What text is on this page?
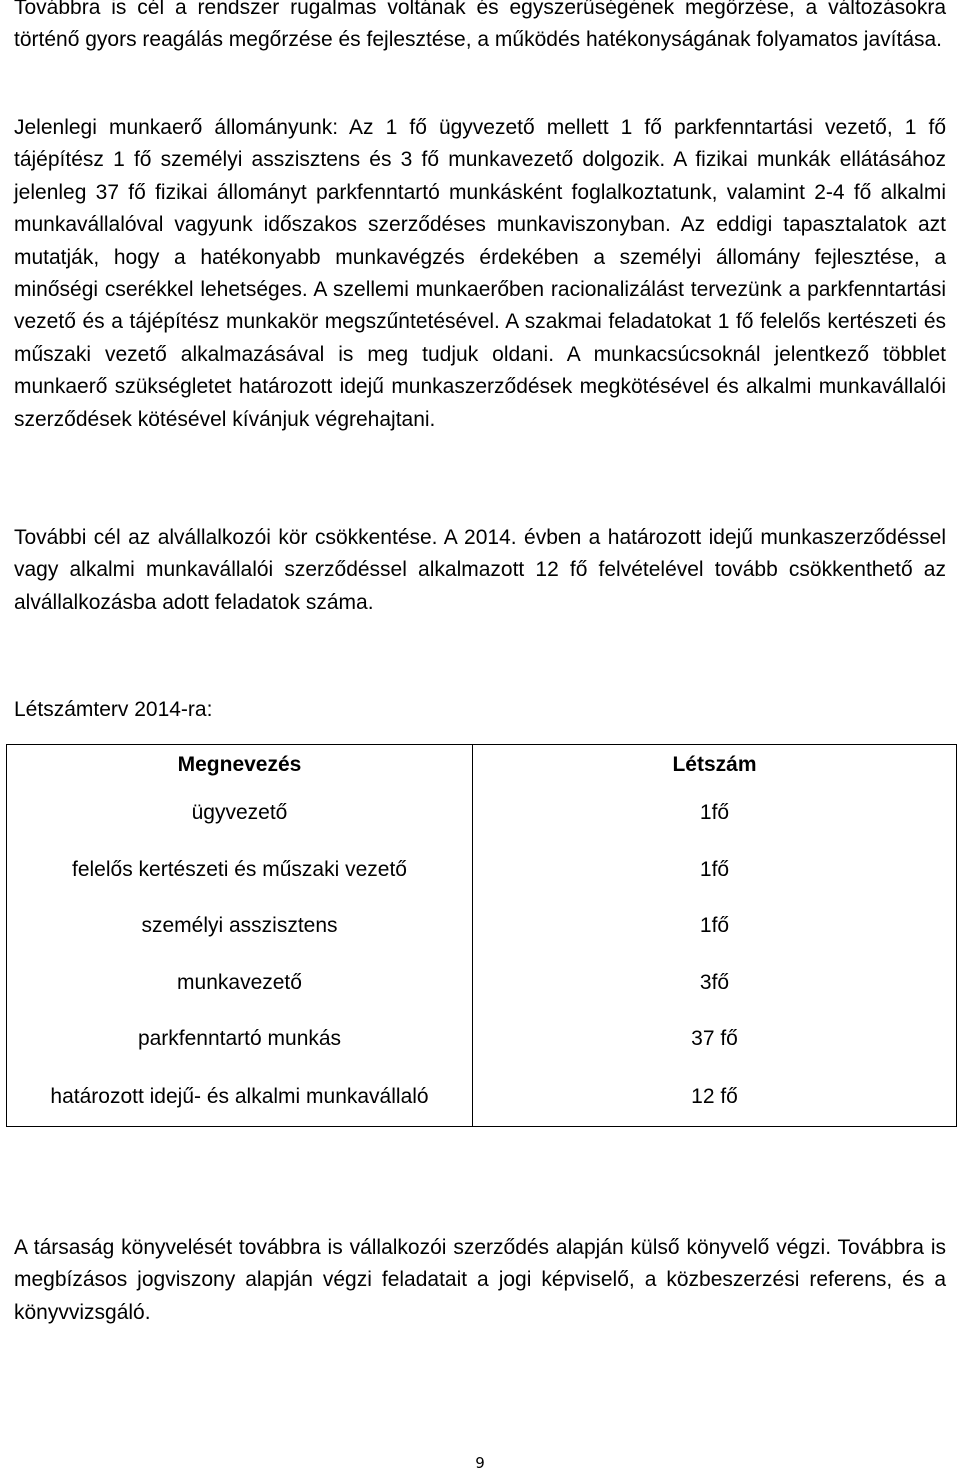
Továbbra is cél a rendszer rugalmas voltának és egyszerűségének megőrzése, a változásokra történő gyors reagálás megőrzése és fejlesztése, a működés hatékonyságának folyamatos javítása.

Jelenlegi munkaerő állományunk: Az 1 fő ügyvezető mellett 1 fő parkfenntartási vezető, 1 fő tájépítész 1 fő személyi asszisztens és 3 fő munkavezető dolgozik. A fizikai munkák ellátásához jelenleg 37 fő fizikai állományt parkfenntartó munkásként foglalkoztatunk, valamint 2-4 fő alkalmi munkavállalóval vagyunk időszakos szerződéses munkaviszonyban. Az eddigi tapasztalatok azt mutatják, hogy a hatékonyabb munkavégzés érdekében a személyi állomány fejlesztése, a minőségi cserékkel lehetséges. A szellemi munkaerőben racionalizálást tervezünk a parkfenntartási vezető és a tájépítész munkakör megszűntetésével. A szakmai feladatokat 1 fő felelős kertészeti és műszaki vezető alkalmazásával is meg tudjuk oldani. A munkacsúcsoknál jelentkező többlet munkaerő szükségletet határozott idejű munkaszerződések megkötésével és alkalmi munkavállalói szerződések kötésével kívánjuk végrehajtani.

További cél az alvállalkozói kör csökkentése. A 2014. évben a határozott idejű munkaszerződéssel vagy alkalmi munkavállalói szerződéssel alkalmazott 12 fő felvételével tovább csökkenthető az alvállalkozásba adott feladatok száma.

Létszámterv 2014-ra:

Megnevezés	Létszám
ügyvezető	1fő
felelős kertészeti és műszaki vezető	1fő
személyi asszisztens	1fő
munkavezető	3fő
parkfenntartó munkás	37 fő
határozott idejű- és alkalmi munkavállaló	12 fő

A társaság könyvelését továbbra is vállalkozói szerződés alapján külső könyvelő végzi. Továbbra is megbízásos jogviszony alapján végzi feladatait a jogi képviselő, a közbeszerzési referens, és a könyvvizsgáló.

9
